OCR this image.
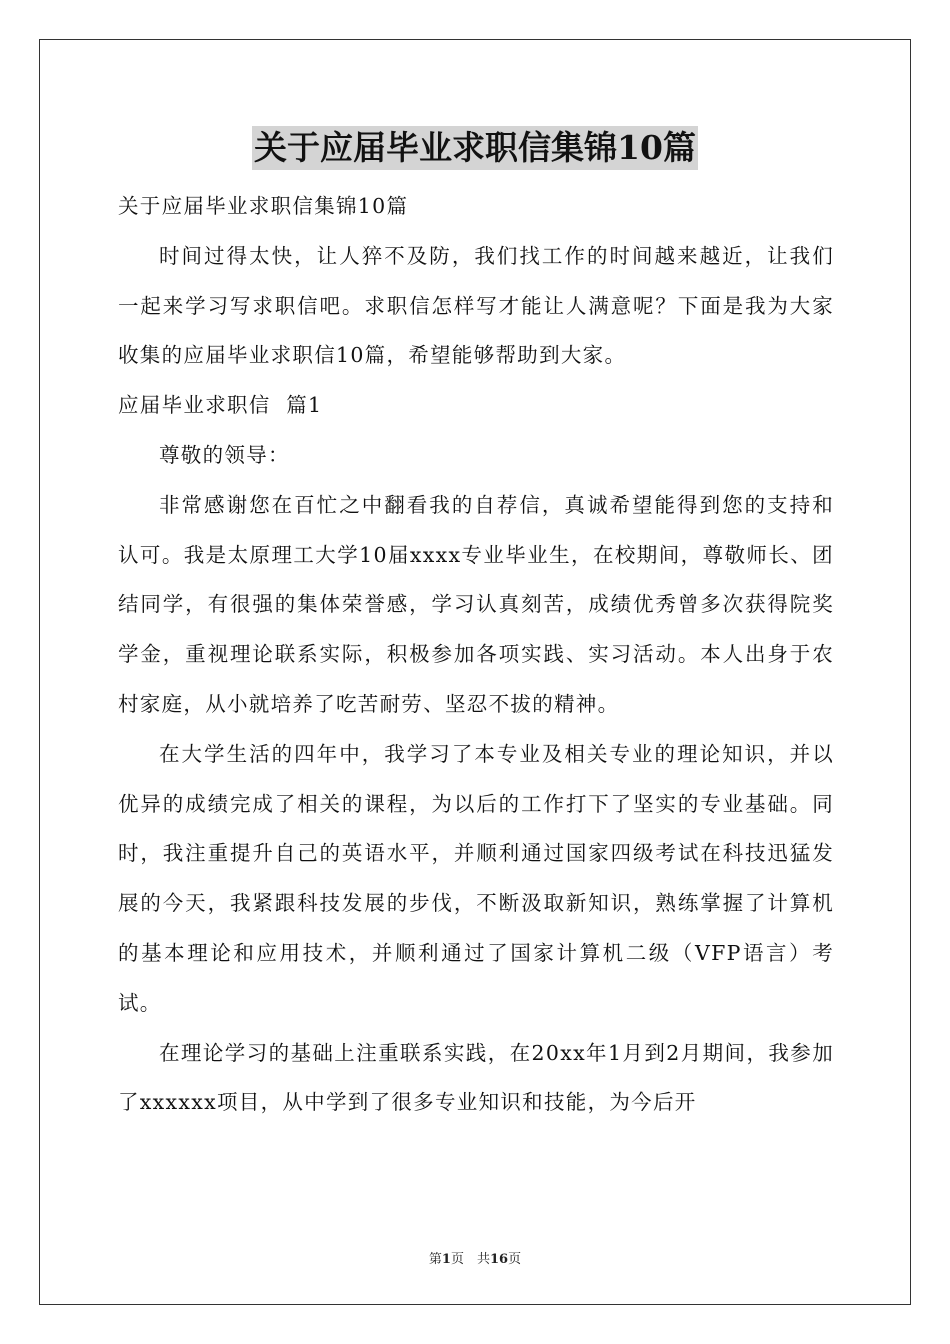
关于应届毕业求职信集锦10篇

关于应届毕业求职信集锦10篇

时间过得太快，让人猝不及防，我们找工作的时间越来越近，让我们一起来学习写求职信吧。求职信怎样写才能让人满意呢？下面是我为大家收集的应届毕业求职信10篇，希望能够帮助到大家。

应届毕业求职信  篇1

尊敬的领导：

非常感谢您在百忙之中翻看我的自荐信，真诚希望能得到您的支持和认可。我是太原理工大学10届xxxx专业毕业生，在校期间，尊敬师长、团结同学，有很强的集体荣誉感，学习认真刻苦，成绩优秀曾多次获得院奖学金，重视理论联系实际，积极参加各项实践、实习活动。本人出身于农村家庭，从小就培养了吃苦耐劳、坚忍不拔的精神。

在大学生活的四年中，我学习了本专业及相关专业的理论知识，并以优异的成绩完成了相关的课程，为以后的工作打下了坚实的专业基础。同时，我注重提升自己的英语水平，并顺利通过国家四级考试在科技迅猛发展的今天，我紧跟科技发展的步伐，不断汲取新知识，熟练掌握了计算机的基本理论和应用技术，并顺利通过了国家计算机二级（VFP语言）考试。

在理论学习的基础上注重联系实践，在20xx年1月到2月期间，我参加了xxxxxx项目，从中学到了很多专业知识和技能，为今后开

第1页　共16页
